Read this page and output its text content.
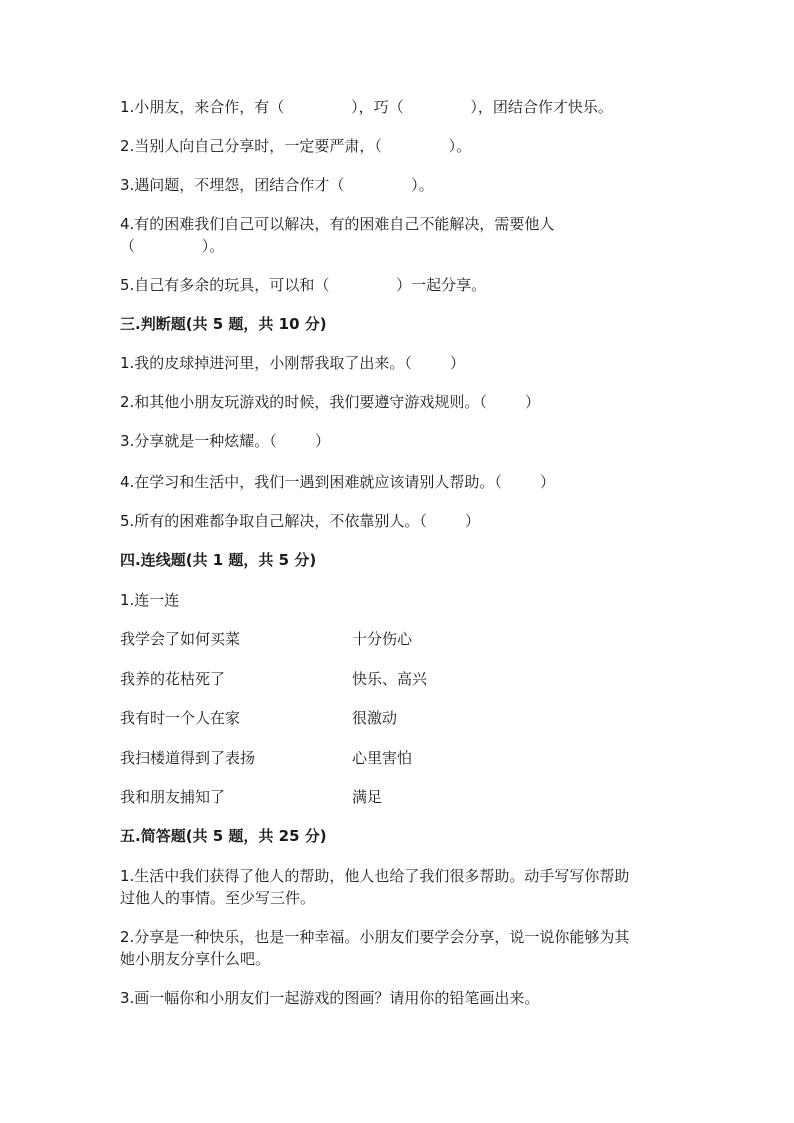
1.小朋友，来合作，有（              ），巧（              ），团结合作才快乐。
2.当别人向自己分享时，一定要严肃，（              ）。
3.遇问题，不埋怨，团结合作才（              ）。
4.有的困难我们自己可以解决，有的困难自己不能解决，需要他人
（              ）。
5.自己有多余的玩具，可以和（              ）一起分享。
三.判断题(共 5 题，共 10 分)
1.我的皮球掉进河里，小刚帮我取了出来。（        ）
2.和其他小朋友玩游戏的时候，我们要遵守游戏规则。（        ）
3.分享就是一种炫耀。（        ）
4.在学习和生活中，我们一遇到困难就应该请别人帮助。（        ）
5.所有的困难都争取自己解决，不依靠别人。（        ）
四.连线题(共 1 题，共 5 分)
1.连一连
我学会了如何买菜	十分伤心
我养的花枯死了	快乐、高兴
我有时一个人在家	很激动
我扫楼道得到了表扬	心里害怕
我和朋友捕知了	满足
五.简答题(共 5 题，共 25 分)
1.生活中我们获得了他人的帮助，他人也给了我们很多帮助。动手写写你帮助
过他人的事情。至少写三件。
2.分享是一种快乐，也是一种幸福。小朋友们要学会分享，说一说你能够为其
她小朋友分享什么吧。
3.画一幅你和小朋友们一起游戏的图画？请用你的铅笔画出来。
